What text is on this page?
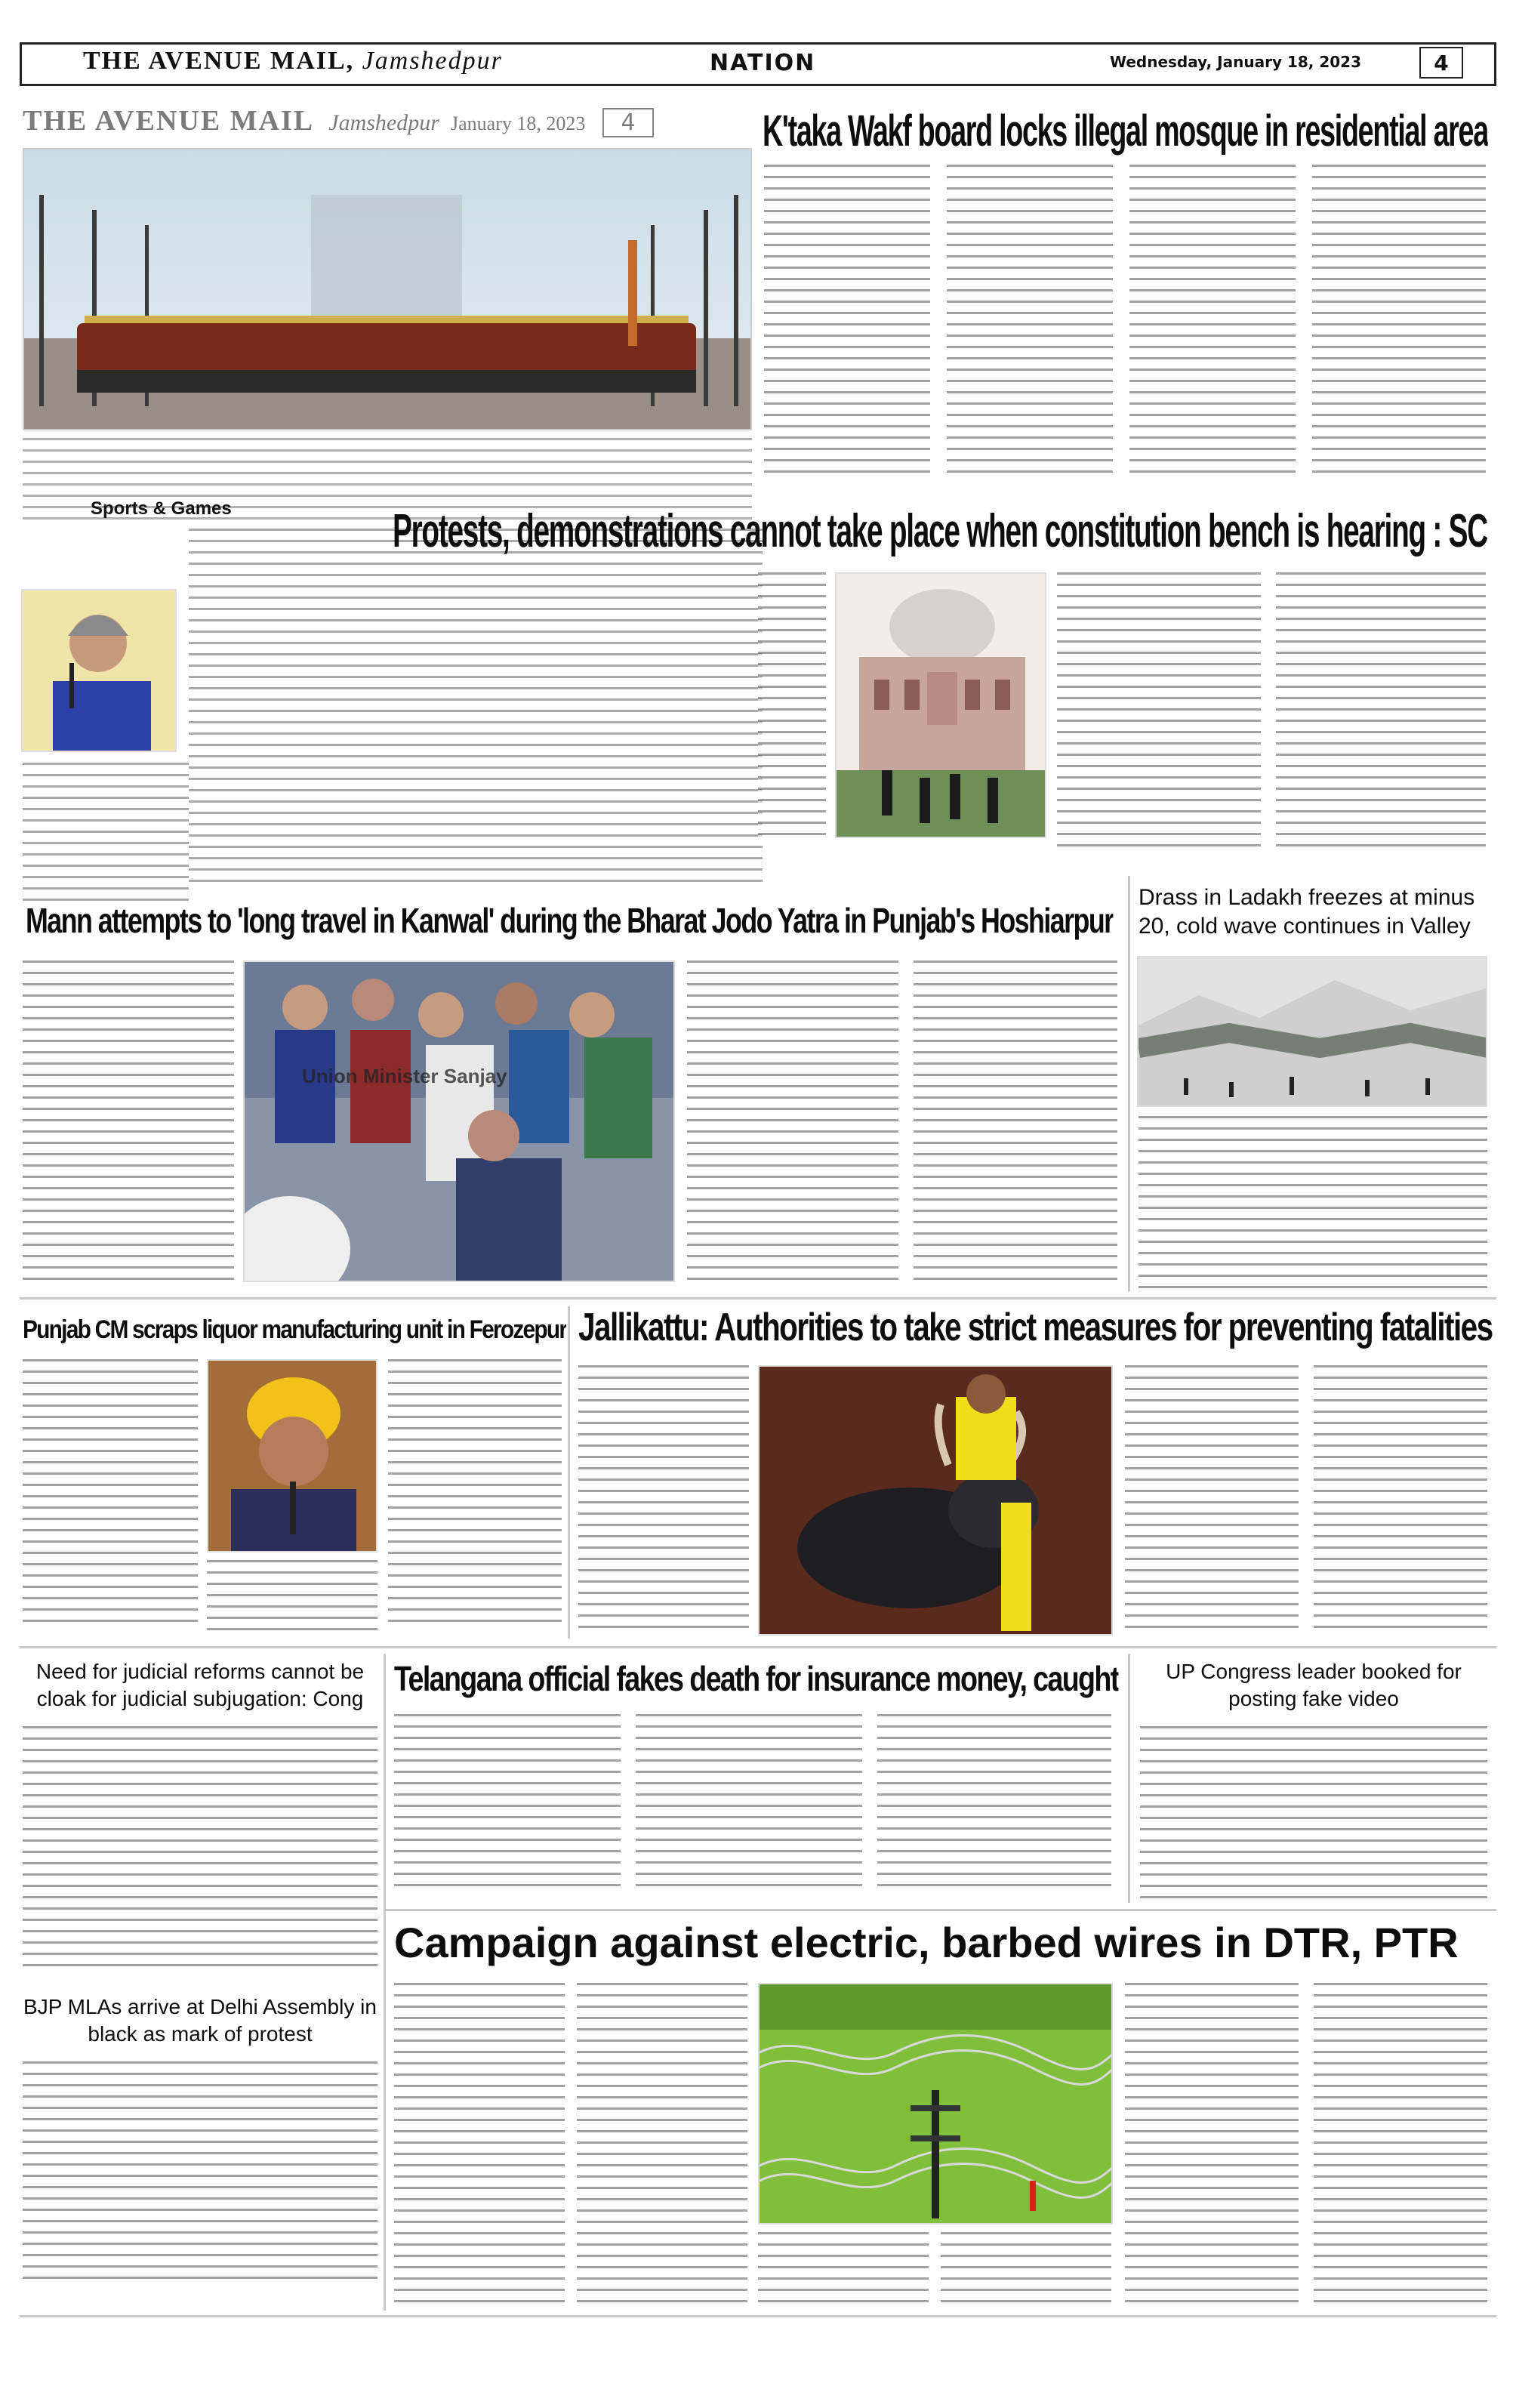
THE AVENUE MAIL, Jamshedpur	NATION	Wednesday, January 18, 2023	4
THE AVENUE MAIL Jamshedpur January 18, 2023 4	K'taka Wakf board locks illegal mosque in residential area
Sports & Games	Protests, demonstrations cannot take place when constitution bench is hearing : SC
Mann attempts to 'long travel in Kanwal' during the Bharat Jodo Yatra in Punjab's Hoshiarpur
Union Minister Sanjay
Drass in Ladakh freezes at minus 20, cold wave continues in Valley
Punjab CM scraps liquor manufacturing unit in Ferozepur Jallikattu: Authorities to take strict measures for preventing fatalities
Need for judicial reforms cannot be cloak for judicial subjugation: Cong
BJP MLAs arrive at Delhi Assembly in black as mark of protest
Telangana official fakes death for insurance money, caught	UP Congress leader booked for posting fake video
Campaign against electric, barbed wires in DTR, PTR
